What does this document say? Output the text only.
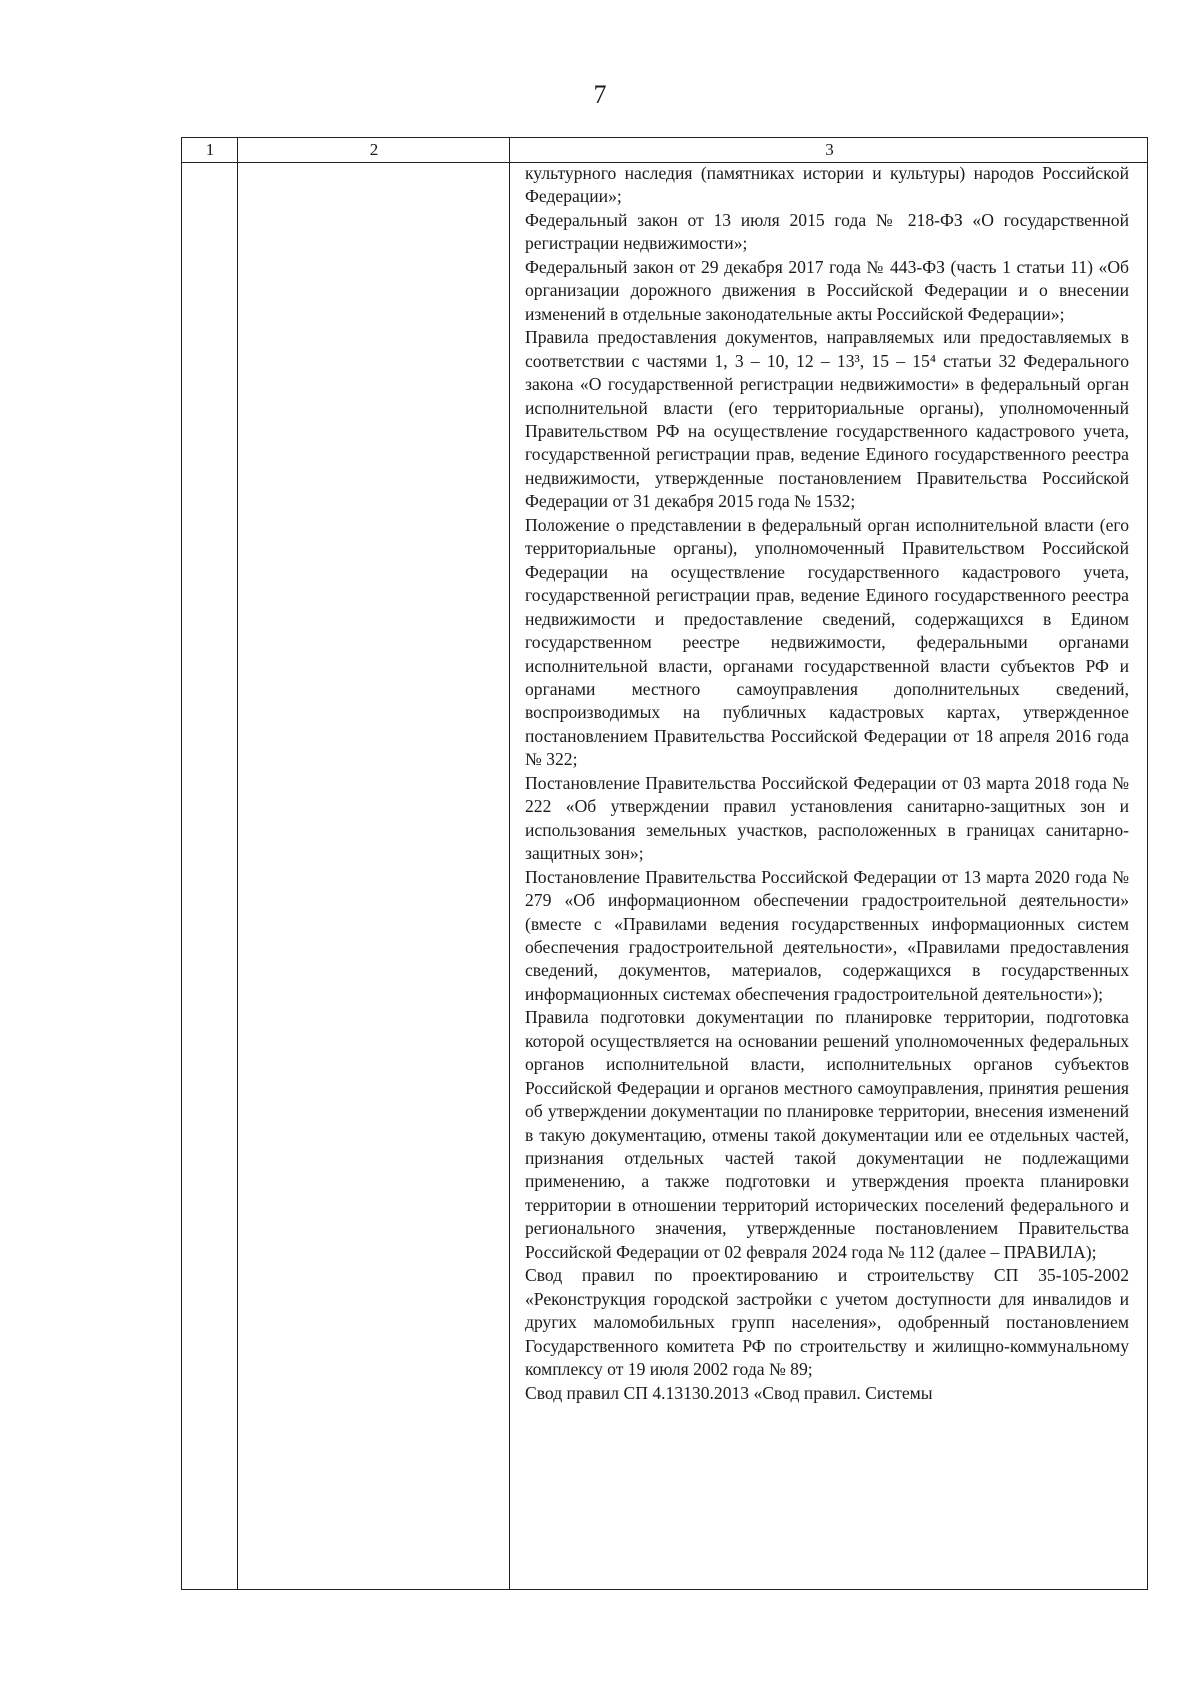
7
1	2	3

культурного наследия (памятниках истории и культуры) народов Российской Федерации»;

Федеральный закон от 13 июля 2015 года № 218-ФЗ «О государственной регистрации недвижимости»;

Федеральный закон от 29 декабря 2017 года № 443-ФЗ (часть 1 статьи 11) «Об организации дорожного движения в Российской Федерации и о внесении изменений в отдельные законодательные акты Российской Федерации»;

Правила предоставления документов, направляемых или предоставляемых в соответствии с частями 1, 3 – 10, 12 – 13³, 15 – 15⁴ статьи 32 Федерального закона «О государственной регистрации недвижимости» в федеральный орган исполнительной власти (его территориальные органы), уполномоченный Правительством РФ на осуществление государственного кадастрового учета, государственной регистрации прав, ведение Единого государственного реестра недвижимости, утвержденные постановлением Правительства Российской Федерации от 31 декабря 2015 года № 1532;

Положение о представлении в федеральный орган исполнительной власти (его территориальные органы), уполномоченный Правительством Российской Федерации на осуществление государственного кадастрового учета, государственной регистрации прав, ведение Единого государственного реестра недвижимости и предоставление сведений, содержащихся в Едином государственном реестре недвижимости, федеральными органами исполнительной власти, органами государственной власти субъектов РФ и органами местного самоуправления дополнительных сведений, воспроизводимых на публичных кадастровых картах, утвержденное постановлением Правительства Российской Федерации от 18 апреля 2016 года № 322;

Постановление Правительства Российской Федерации от 03 марта 2018 года № 222 «Об утверждении правил установления санитарно-защитных зон и использования земельных участков, расположенных в границах санитарно-защитных зон»;

Постановление Правительства Российской Федерации от 13 марта 2020 года № 279 «Об информационном обеспечении градостроительной деятельности» (вместе с «Правилами ведения государственных информационных систем обеспечения градостроительной деятельности», «Правилами предоставления сведений, документов, материалов, содержащихся в государственных информационных системах обеспечения градостроительной деятельности»);

Правила подготовки документации по планировке территории, подготовка которой осуществляется на основании решений уполномоченных федеральных органов исполнительной власти, исполнительных органов субъектов Российской Федерации и органов местного самоуправления, принятия решения об утверждении документации по планировке территории, внесения изменений в такую документацию, отмены такой документации или ее отдельных частей, признания отдельных частей такой документации не подлежащими применению, а также подготовки и утверждения проекта планировки территории в отношении территорий исторических поселений федерального и регионального значения, утвержденные постановлением Правительства Российской Федерации от 02 февраля 2024 года № 112 (далее – ПРАВИЛА);

Свод правил по проектированию и строительству СП 35-105-2002 «Реконструкция городской застройки с учетом доступности для инвалидов и других маломобильных групп населения», одобренный постановлением Государственного комитета РФ по строительству и жилищно-коммунальному комплексу от 19 июля 2002 года № 89;

Свод правил СП 4.13130.2013 «Свод правил. Системы
